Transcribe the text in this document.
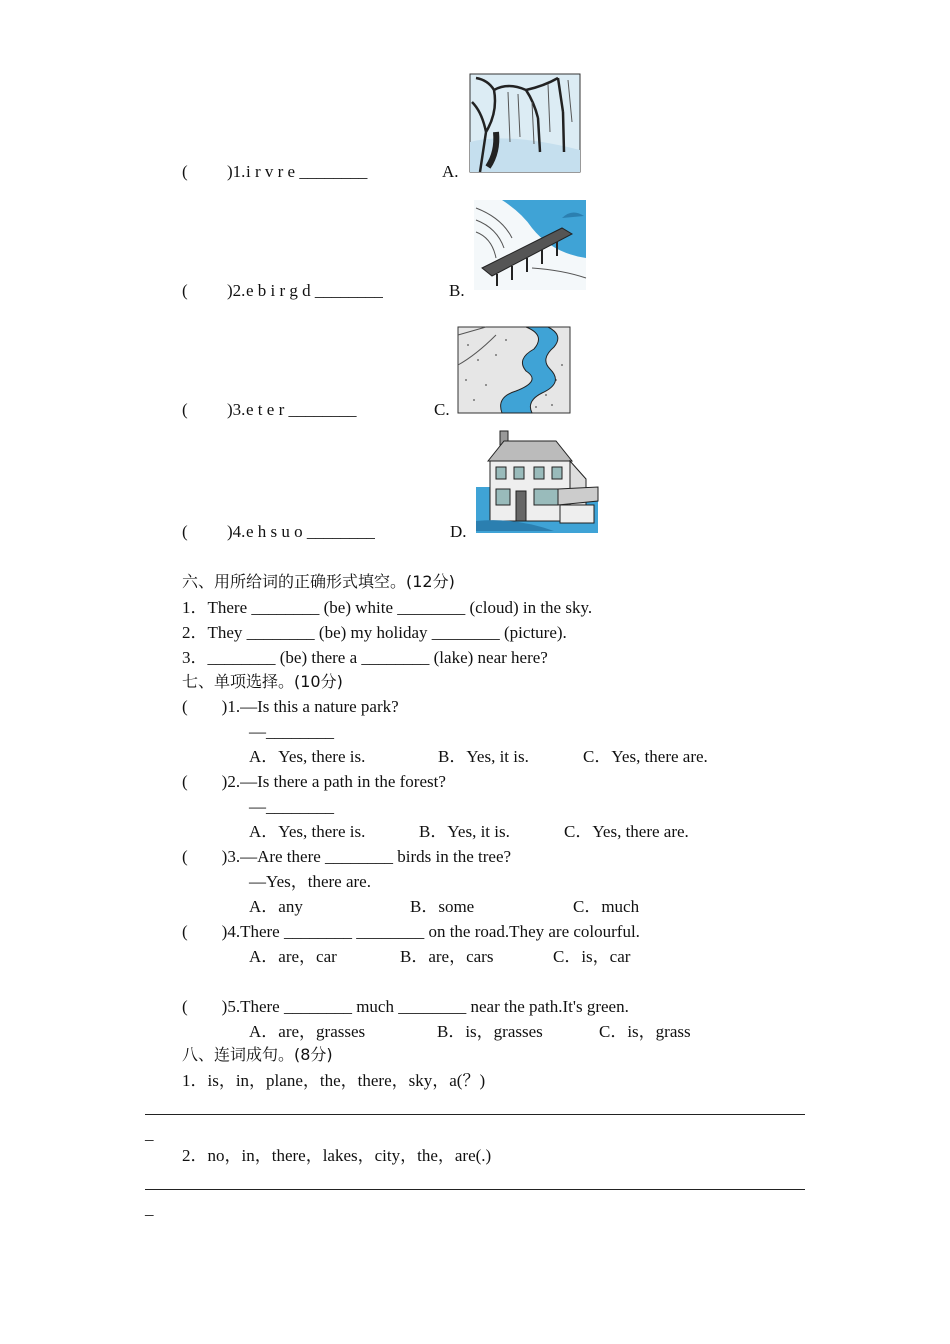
( )1. i r v r e ________	A.
( )2. e b i r g d ________	B.
( )3. e t e r ________	C.
( )4. e h s u o ________	D.
六、用所给词的正确形式填空。(12分)
1．There ________ (be) white ________ (cloud) in the sky.
2．They ________ (be) my holiday ________ (picture).
3．________ (be) there a ________ (lake) near here?
七、单项选择。(10分)
(        )1.—Is this a nature park?
—________
A．Yes, there is.	B．Yes, it is.	C．Yes, there are.
(        )2.—Is there a path in the forest?
—________
A．Yes, there is.	B．Yes, it is.	C．Yes, there are.
(        )3.—Are there ________ birds in the tree?
—Yes，there are.
A．any	B．some	C．much
(        )4.There ________ ________ on the road.They are colourful.
A．are，car	B．are，cars	C．is，car
(        )5.There ________ much ________ near the path.It's green.
A．are，grasses	B．is，grasses	C．is，grass
八、连词成句。(8分)
1．is，in，plane，the，there，sky，a(？)
_
2．no，in，there，lakes，city，the，are(.)
_
